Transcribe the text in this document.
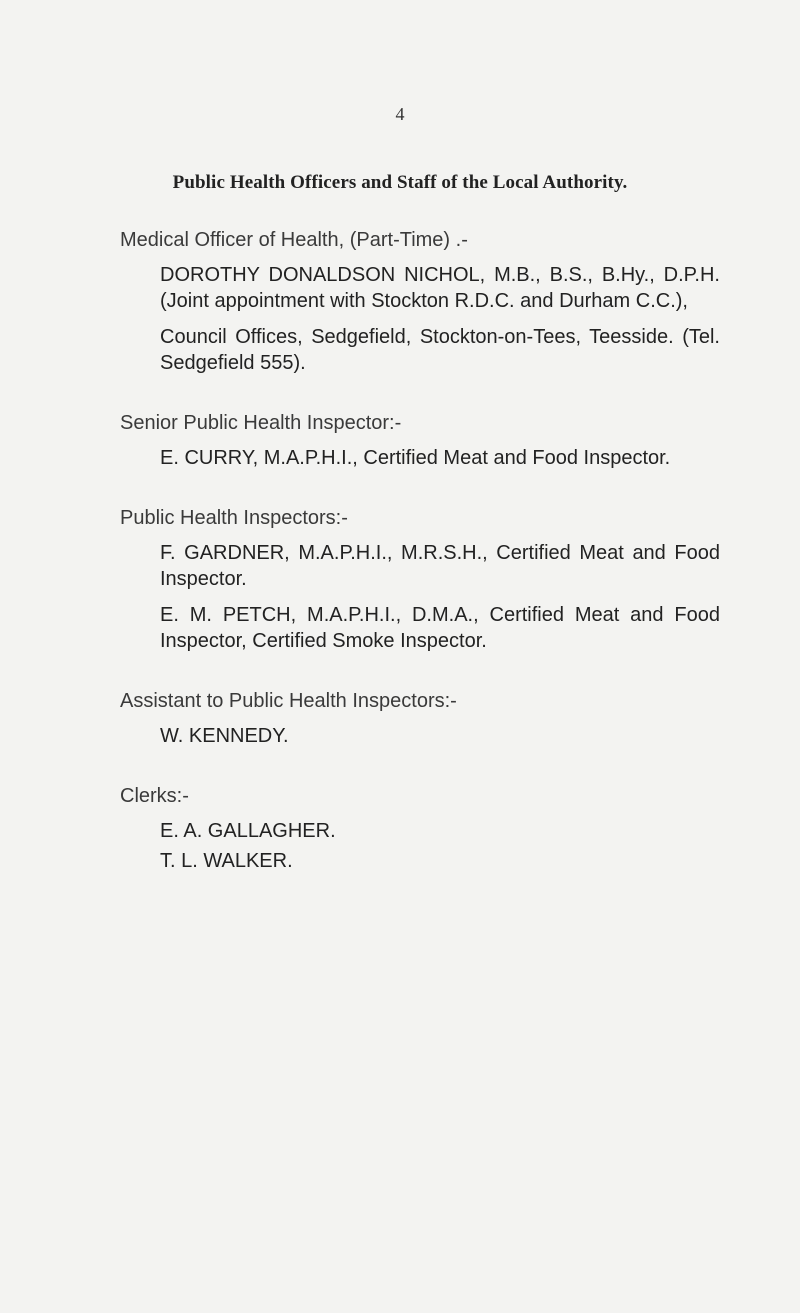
4
Public Health Officers and Staff of the Local Authority.
Medical Officer of Health, (Part-Time) .-
DOROTHY DONALDSON NICHOL, M.B., B.S., B.Hy., D.P.H. (Joint appointment with Stockton R.D.C. and Durham C.C.),
Council Offices, Sedgefield, Stockton-on-Tees, Teesside. (Tel. Sedgefield 555).
Senior Public Health Inspector:-
E. CURRY, M.A.P.H.I., Certified Meat and Food Inspector.
Public Health Inspectors:-
F. GARDNER, M.A.P.H.I., M.R.S.H., Certified Meat and Food Inspector.
E. M. PETCH, M.A.P.H.I., D.M.A., Certified Meat and Food Inspector, Certified Smoke Inspector.
Assistant to Public Health Inspectors:-
W. KENNEDY.
Clerks:-
E. A. GALLAGHER.
T. L. WALKER.
